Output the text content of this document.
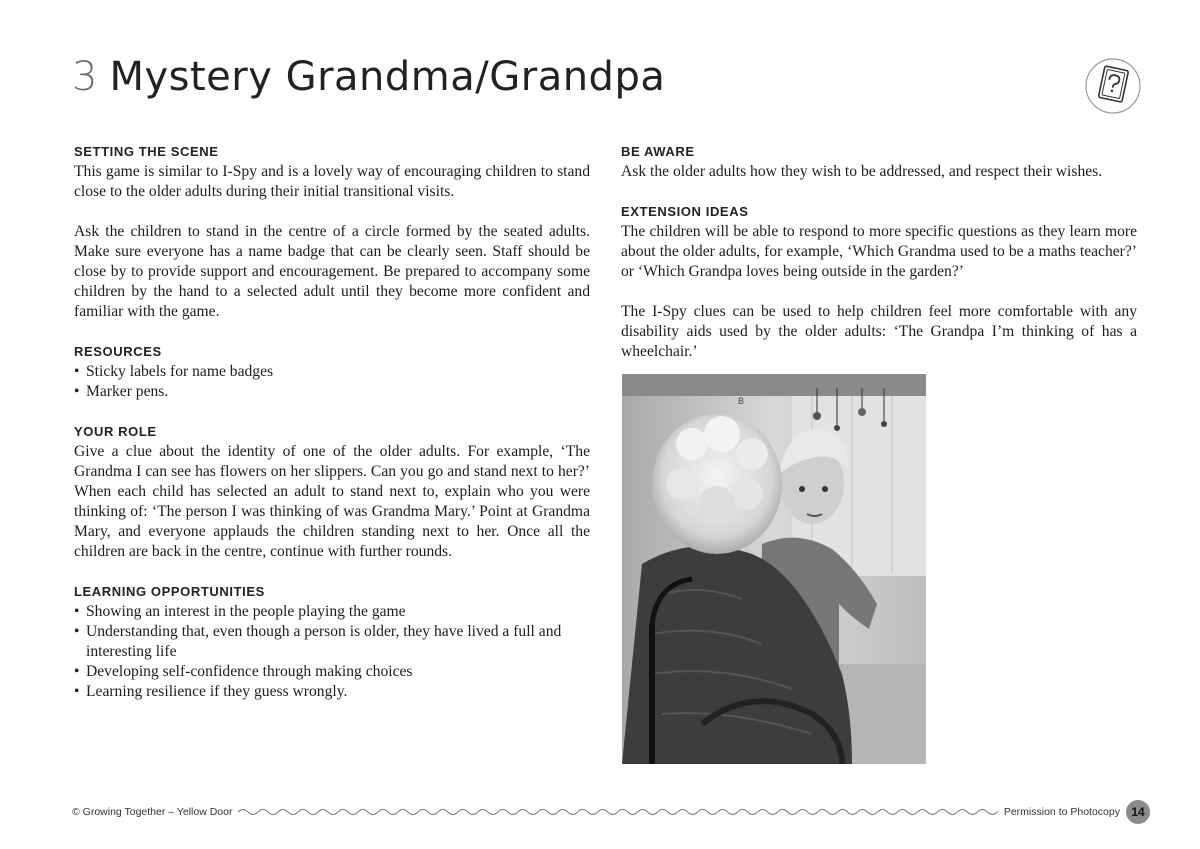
3 Mystery Grandma/Grandpa
SETTING THE SCENE

This game is similar to I-Spy and is a lovely way of encouraging children to stand close to the older adults during their initial transitional visits.

Ask the children to stand in the centre of a circle formed by the seated adults. Make sure everyone has a name badge that can be clearly seen. Staff should be close by to provide support and encouragement. Be prepared to accompany some children by the hand to a selected adult until they become more confident and familiar with the game.

RESOURCES
• Sticky labels for name badges
• Marker pens.
YOUR ROLE

Give a clue about the identity of one of the older adults. For example, ‘The Grandma I can see has flowers on her slippers. Can you go and stand next to her?’ When each child has selected an adult to stand next to, explain who you were thinking of: ‘The person I was thinking of was Grandma Mary.’ Point at Grandma Mary, and everyone applauds the children standing next to her. Once all the children are back in the centre, continue with further rounds.

LEARNING OPPORTUNITIES
• Showing an interest in the people playing the game
• Understanding that, even though a person is older, they have lived a full and interesting life
• Developing self-confidence through making choices
• Learning resilience if they guess wrongly.
BE AWARE

Ask the older adults how they wish to be addressed, and respect their wishes.

EXTENSION IDEAS

The children will be able to respond to more specific questions as they learn more about the older adults, for example, ‘Which Grandma used to be a maths teacher?’ or ‘Which Grandpa loves being outside in the garden?’

The I-Spy clues can be used to help children feel more comfortable with any disability aids used by the older adults: ‘The Grandpa I’m thinking of has a wheelchair.’

B
© Growing Together – Yellow Door	Permission to Photocopy 14
